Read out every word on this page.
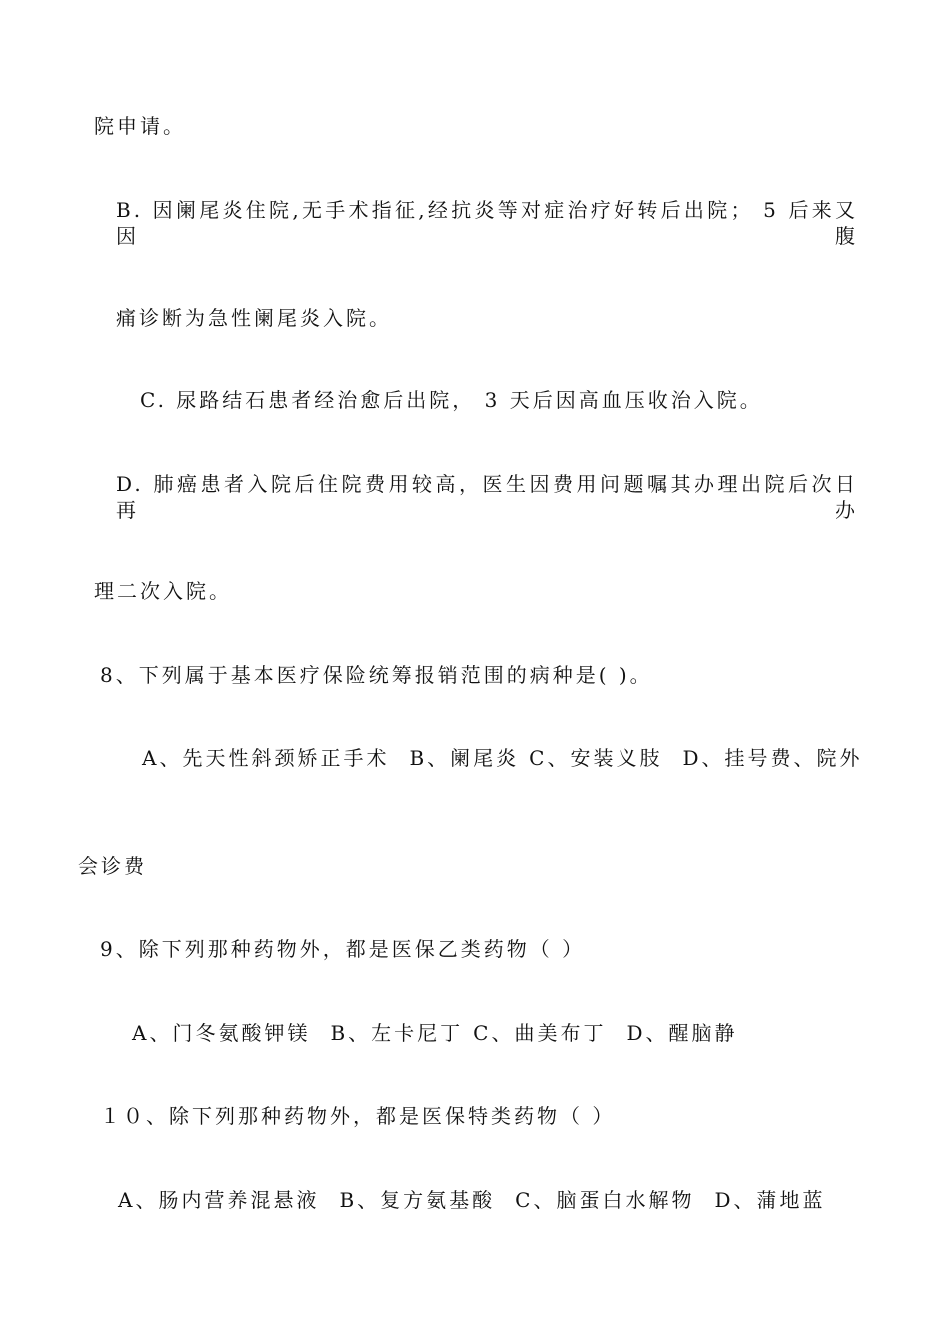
院申请。
B. 因阑尾炎住院,无手术指征,经抗炎等对症治疗好转后出院； 5 后来又因腹
痛诊断为急性阑尾炎入院。
C. 尿路结石患者经治愈后出院， 3 天后因高血压收治入院。
D. 肺癌患者入院后住院费用较高，医生因费用问题嘱其办理出院后次日再办
理二次入院。
8、下列属于基本医疗保险统筹报销范围的病种是( )。
A、先天性斜颈矫正手术 B、阑尾炎 C、安装义肢 D、挂号费、院外
会诊费
9、除下列那种药物外，都是医保乙类药物（ ）
A、门冬氨酸钾镁 B、左卡尼丁 C、曲美布丁 D、醒脑静
１０、除下列那种药物外，都是医保特类药物（ ）
A、肠内营养混悬液 B、复方氨基酸 C、脑蛋白水解物 D、蒲地蓝
